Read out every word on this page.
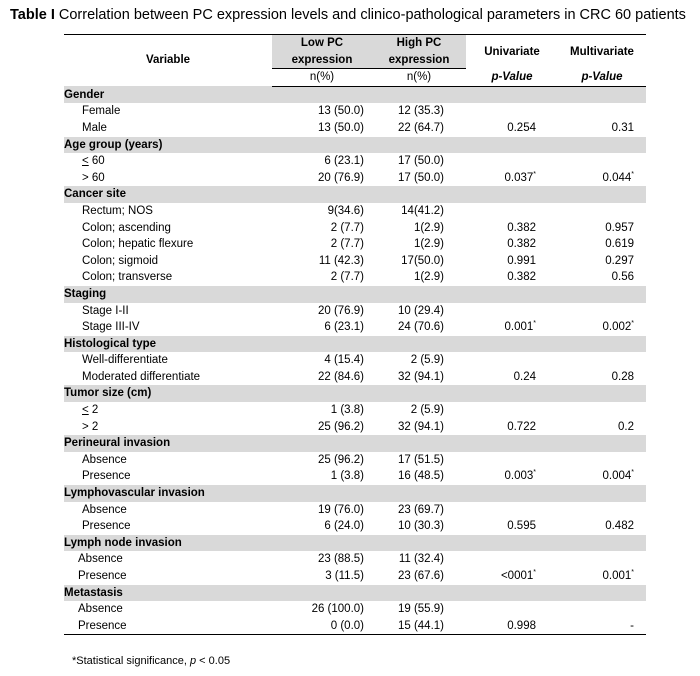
Table I Correlation between PC expression levels and clinico-pathological parameters in CRC 60 patients
Variable	Low PC	High PC	Univariate	Multivariate
	expression	expression		
	n(%)	n(%)	p-Value	p-Value
Gender				
Female	13 (50.0)	12 (35.3)		
Male	13 (50.0)	22 (64.7)	0.254	0.31
Age group (years)				
≤ 60	6 (23.1)	17 (50.0)		
> 60	20 (76.9)	17 (50.0)	0.037*	0.044*
Cancer site				
Rectum; NOS	9(34.6)	14(41.2)		
Colon; ascending	2 (7.7)	1(2.9)	0.382	0.957
Colon; hepatic flexure	2 (7.7)	1(2.9)	0.382	0.619
Colon; sigmoid	11 (42.3)	17(50.0)	0.991	0.297
Colon; transverse	2 (7.7)	1(2.9)	0.382	0.56
Staging				
Stage I-II	20 (76.9)	10 (29.4)		
Stage III-IV	6 (23.1)	24 (70.6)	0.001*	0.002*
Histological type				
Well-differentiate	4 (15.4)	2 (5.9)		
Moderated differentiate	22 (84.6)	32 (94.1)	0.24	0.28
Tumor size (cm)				
≤ 2	1 (3.8)	2 (5.9)		
> 2	25 (96.2)	32 (94.1)	0.722	0.2
Perineural invasion				
Absence	25 (96.2)	17 (51.5)		
Presence	1 (3.8)	16 (48.5)	0.003*	0.004*
Lymphovascular invasion				
Absence	19 (76.0)	23 (69.7)		
Presence	6 (24.0)	10 (30.3)	0.595	0.482
Lymph node invasion				
Absence	23 (88.5)	11 (32.4)		
Presence	3 (11.5)	23 (67.6)	<0001*	0.001*
Metastasis				
Absence	26 (100.0)	19 (55.9)		
Presence	0 (0.0)	15 (44.1)	0.998	-
*Statistical significance, p < 0.05
